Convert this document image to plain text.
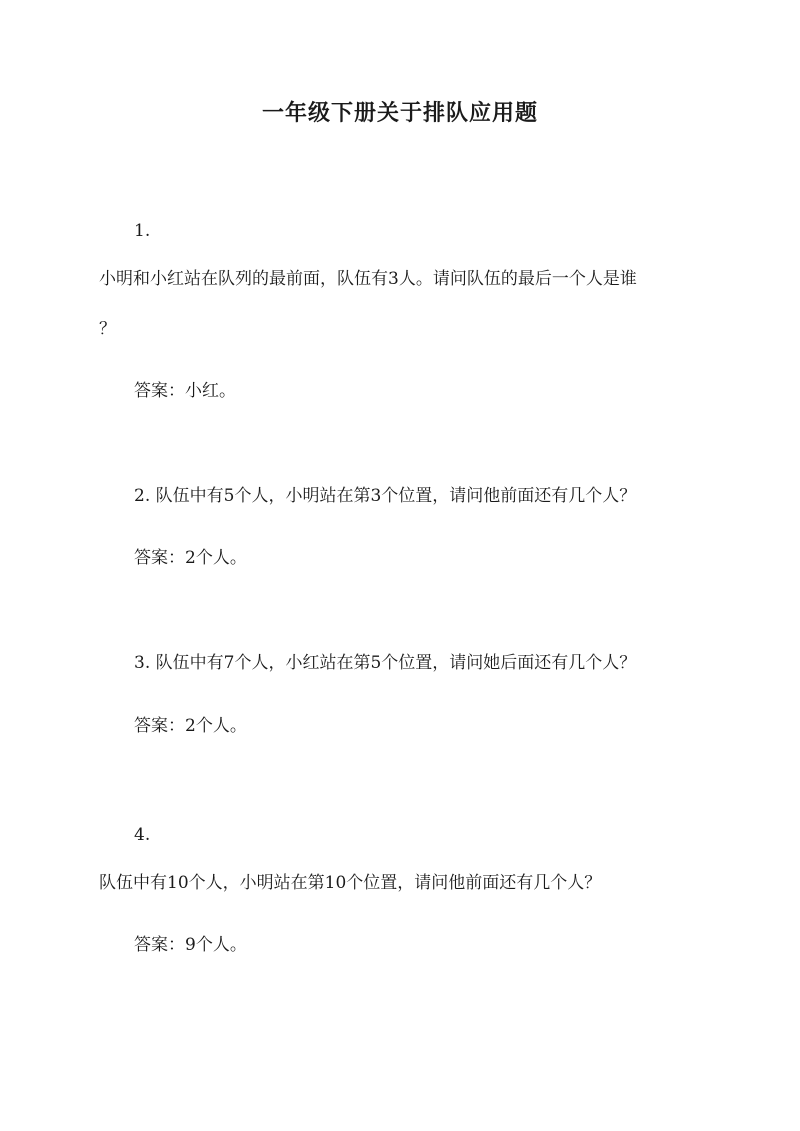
一年级下册关于排队应用题
1.
小明和小红站在队列的最前面，队伍有3人。请问队伍的最后一个人是谁
？
答案：小红。
2. 队伍中有5个人，小明站在第3个位置，请问他前面还有几个人？
答案：2个人。
3. 队伍中有7个人，小红站在第5个位置，请问她后面还有几个人？
答案：2个人。
4.
队伍中有10个人，小明站在第10个位置，请问他前面还有几个人？
答案：9个人。
